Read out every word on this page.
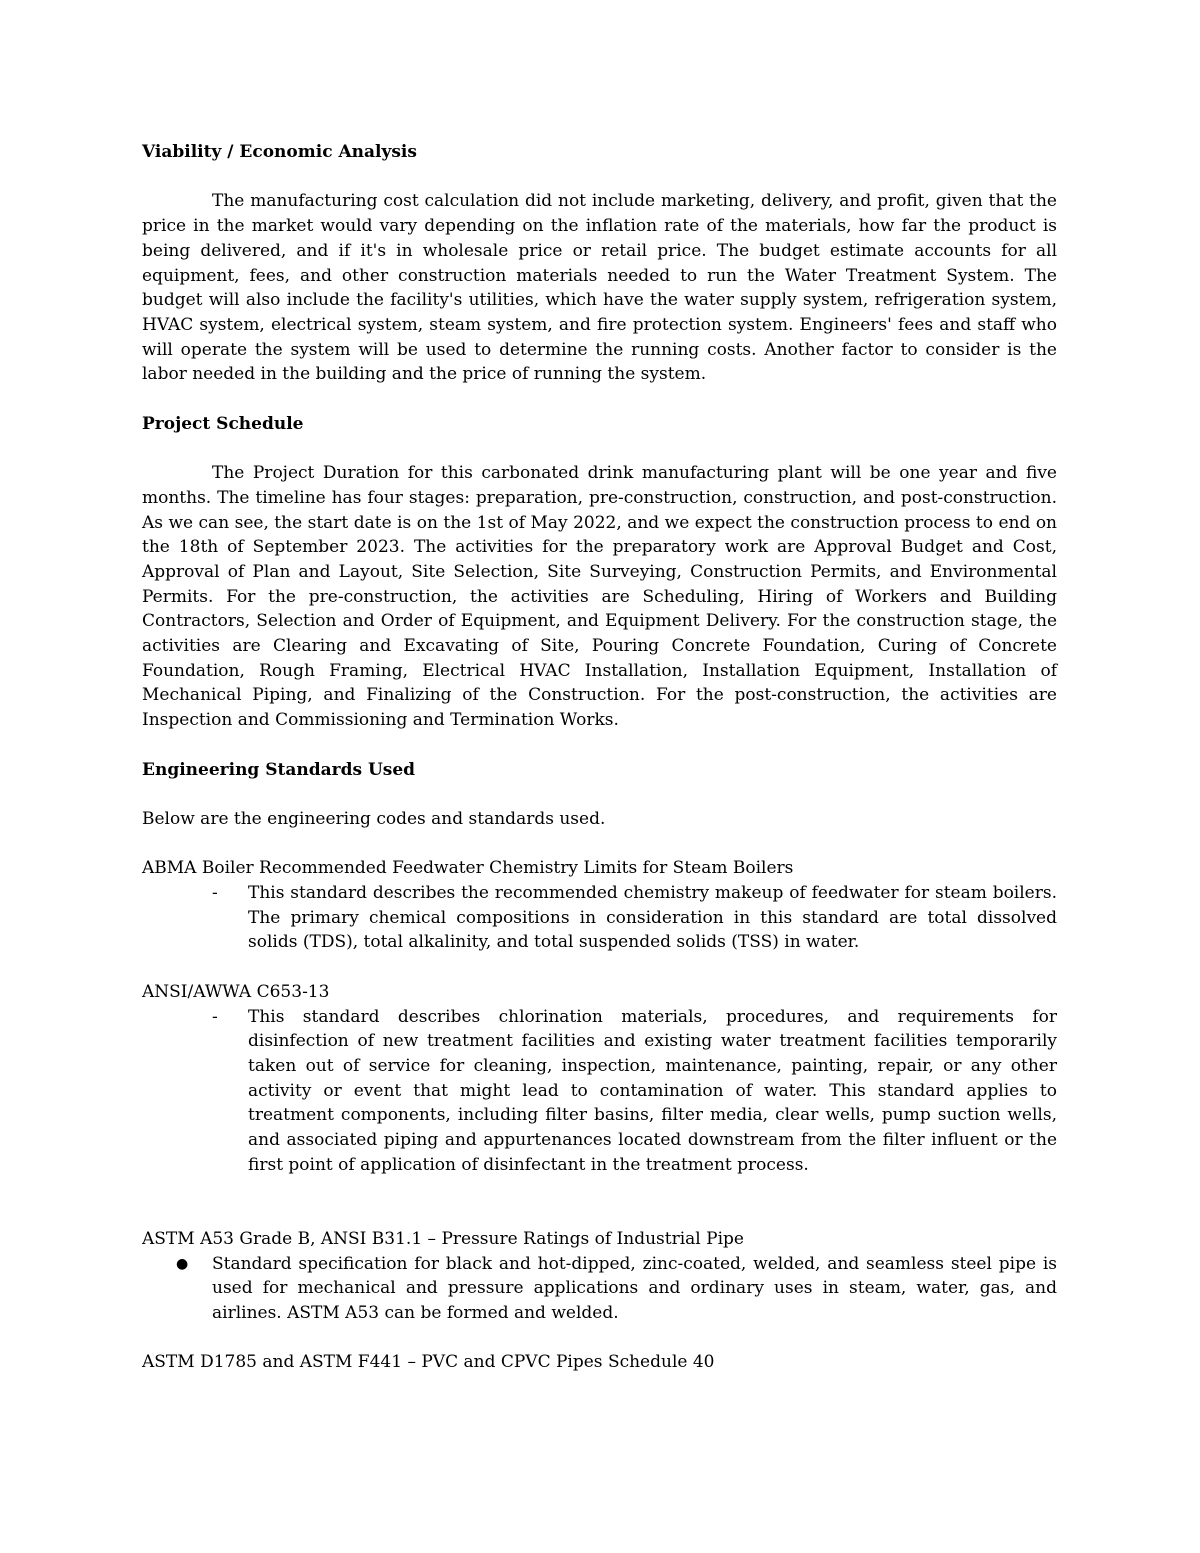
Viability / Economic Analysis

The manufacturing cost calculation did not include marketing, delivery, and profit, given that the price in the market would vary depending on the inflation rate of the materials, how far the product is being delivered, and if it's in wholesale price or retail price. The budget estimate accounts for all equipment, fees, and other construction materials needed to run the Water Treatment System. The budget will also include the facility's utilities, which have the water supply system, refrigeration system, HVAC system, electrical system, steam system, and fire protection system. Engineers' fees and staff who will operate the system will be used to determine the running costs. Another factor to consider is the labor needed in the building and the price of running the system.

Project Schedule

The Project Duration for this carbonated drink manufacturing plant will be one year and five months. The timeline has four stages: preparation, pre-construction, construction, and post-construction. As we can see, the start date is on the 1st of May 2022, and we expect the construction process to end on the 18th of September 2023. The activities for the preparatory work are Approval Budget and Cost, Approval of Plan and Layout, Site Selection, Site Surveying, Construction Permits, and Environmental Permits. For the pre-construction, the activities are Scheduling, Hiring of Workers and Building Contractors, Selection and Order of Equipment, and Equipment Delivery. For the construction stage, the activities are Clearing and Excavating of Site, Pouring Concrete Foundation, Curing of Concrete Foundation, Rough Framing, Electrical HVAC Installation, Installation Equipment, Installation of Mechanical Piping, and Finalizing of the Construction. For the post-construction, the activities are Inspection and Commissioning and Termination Works.

Engineering Standards Used

Below are the engineering codes and standards used.

ABMA Boiler Recommended Feedwater Chemistry Limits for Steam Boilers

-	This standard describes the recommended chemistry makeup of feedwater for steam boilers. The primary chemical compositions in consideration in this standard are total dissolved solids (TDS), total alkalinity, and total suspended solids (TSS) in water.

ANSI/AWWA C653-13

-	This standard describes chlorination materials, procedures, and requirements for disinfection of new treatment facilities and existing water treatment facilities temporarily taken out of service for cleaning, inspection, maintenance, painting, repair, or any other activity or event that might lead to contamination of water. This standard applies to treatment components, including filter basins, filter media, clear wells, pump suction wells, and associated piping and appurtenances located downstream from the filter influent or the first point of application of disinfectant in the treatment process.

ASTM A53 Grade B, ANSI B31.1 – Pressure Ratings of Industrial Pipe

●	Standard specification for black and hot-dipped, zinc-coated, welded, and seamless steel pipe is used for mechanical and pressure applications and ordinary uses in steam, water, gas, and airlines. ASTM A53 can be formed and welded.

ASTM D1785 and ASTM F441 – PVC and CPVC Pipes Schedule 40
